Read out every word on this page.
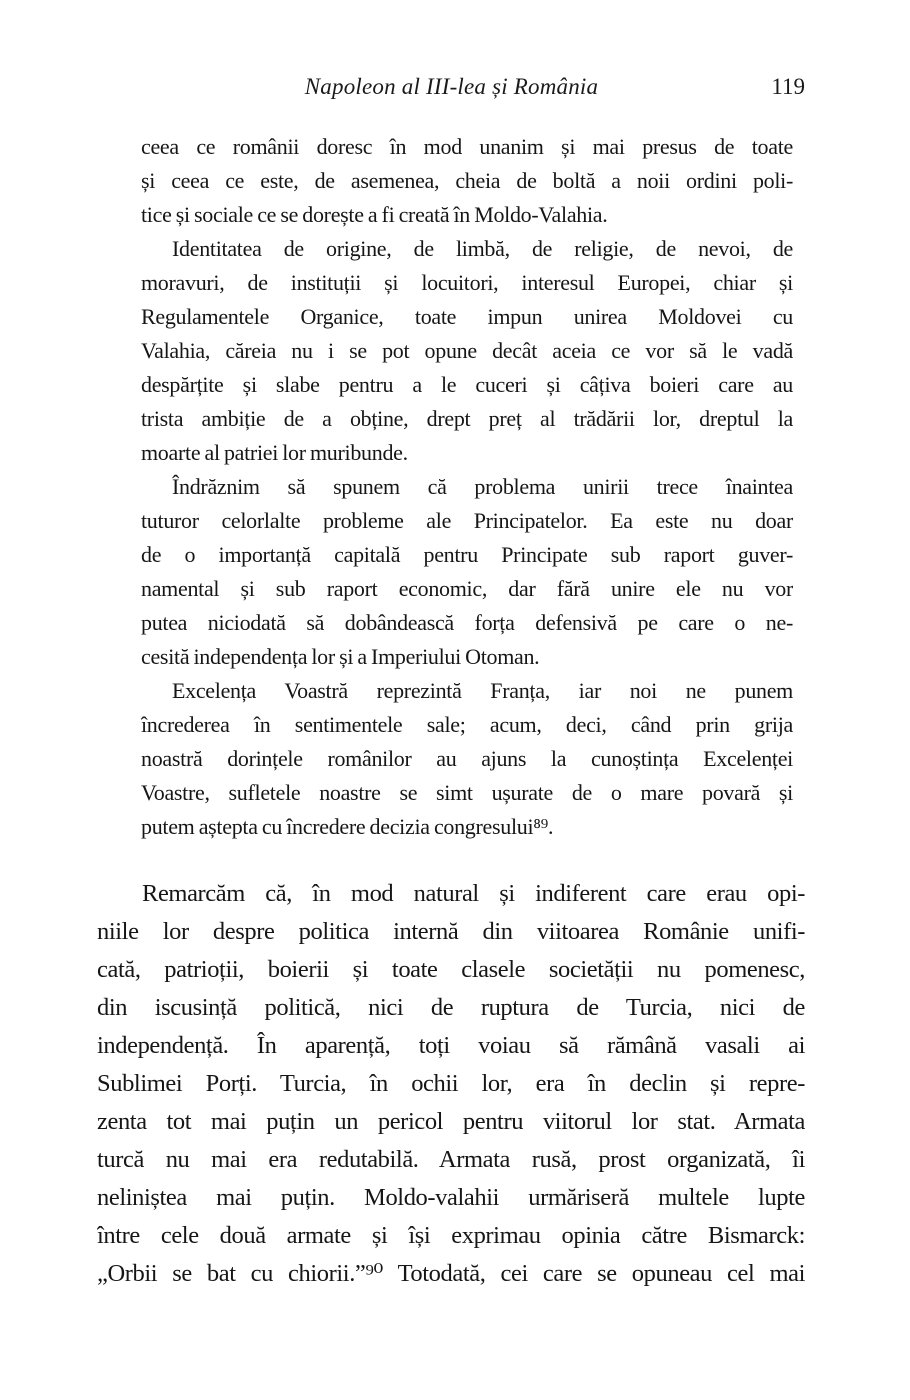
Napoleon al III-lea și România	119
ceea ce românii doresc în mod unanim și mai presus de toate
și ceea ce este, de asemenea, cheia de boltă a noii ordini poli-
tice și sociale ce se dorește a fi creată în Moldo-Valahia.
Identitatea de origine, de limbă, de religie, de nevoi, de
moravuri, de instituții și locuitori, interesul Europei, chiar și
Regulamentele Organice, toate impun unirea Moldovei cu
Valahia, căreia nu i se pot opune decât aceia ce vor să le vadă
despărțite și slabe pentru a le cuceri și câțiva boieri care au
trista ambiție de a obține, drept preț al trădării lor, dreptul la
moarte al patriei lor muribunde.
Îndrăznim să spunem că problema unirii trece înaintea
tuturor celorlalte probleme ale Principatelor. Ea este nu doar
de o importanță capitală pentru Principate sub raport guver-
namental și sub raport economic, dar fără unire ele nu vor
putea niciodată să dobândească forța defensivă pe care o ne-
cesită independența lor și a Imperiului Otoman.
Excelența Voastră reprezintă Franța, iar noi ne punem
încrederea în sentimentele sale; acum, deci, când prin grija
noastră dorințele românilor au ajuns la cunoștința Excelenței
Voastre, sufletele noastre se simt ușurate de o mare povară și
putem aștepta cu încredere decizia congresului⁸⁹.
Remarcăm că, în mod natural și indiferent care erau opi-
niile lor despre politica internă din viitoarea Românie unifi-
cată, patrioții, boierii și toate clasele societății nu pomenesc,
din iscusință politică, nici de ruptura de Turcia, nici de
independență. În aparență, toți voiau să rămână vasali ai
Sublimei Porți. Turcia, în ochii lor, era în declin și repre-
zenta tot mai puțin un pericol pentru viitorul lor stat. Armata
turcă nu mai era redutabilă. Armata rusă, prost organizată, îi
neliniștea mai puțin. Moldo-valahii urmăriseră multele lupte
între cele două armate și își exprimau opinia către Bismarck:
„Orbii se bat cu chiorii.”⁹⁰ Totodată, cei care se opuneau cel mai
